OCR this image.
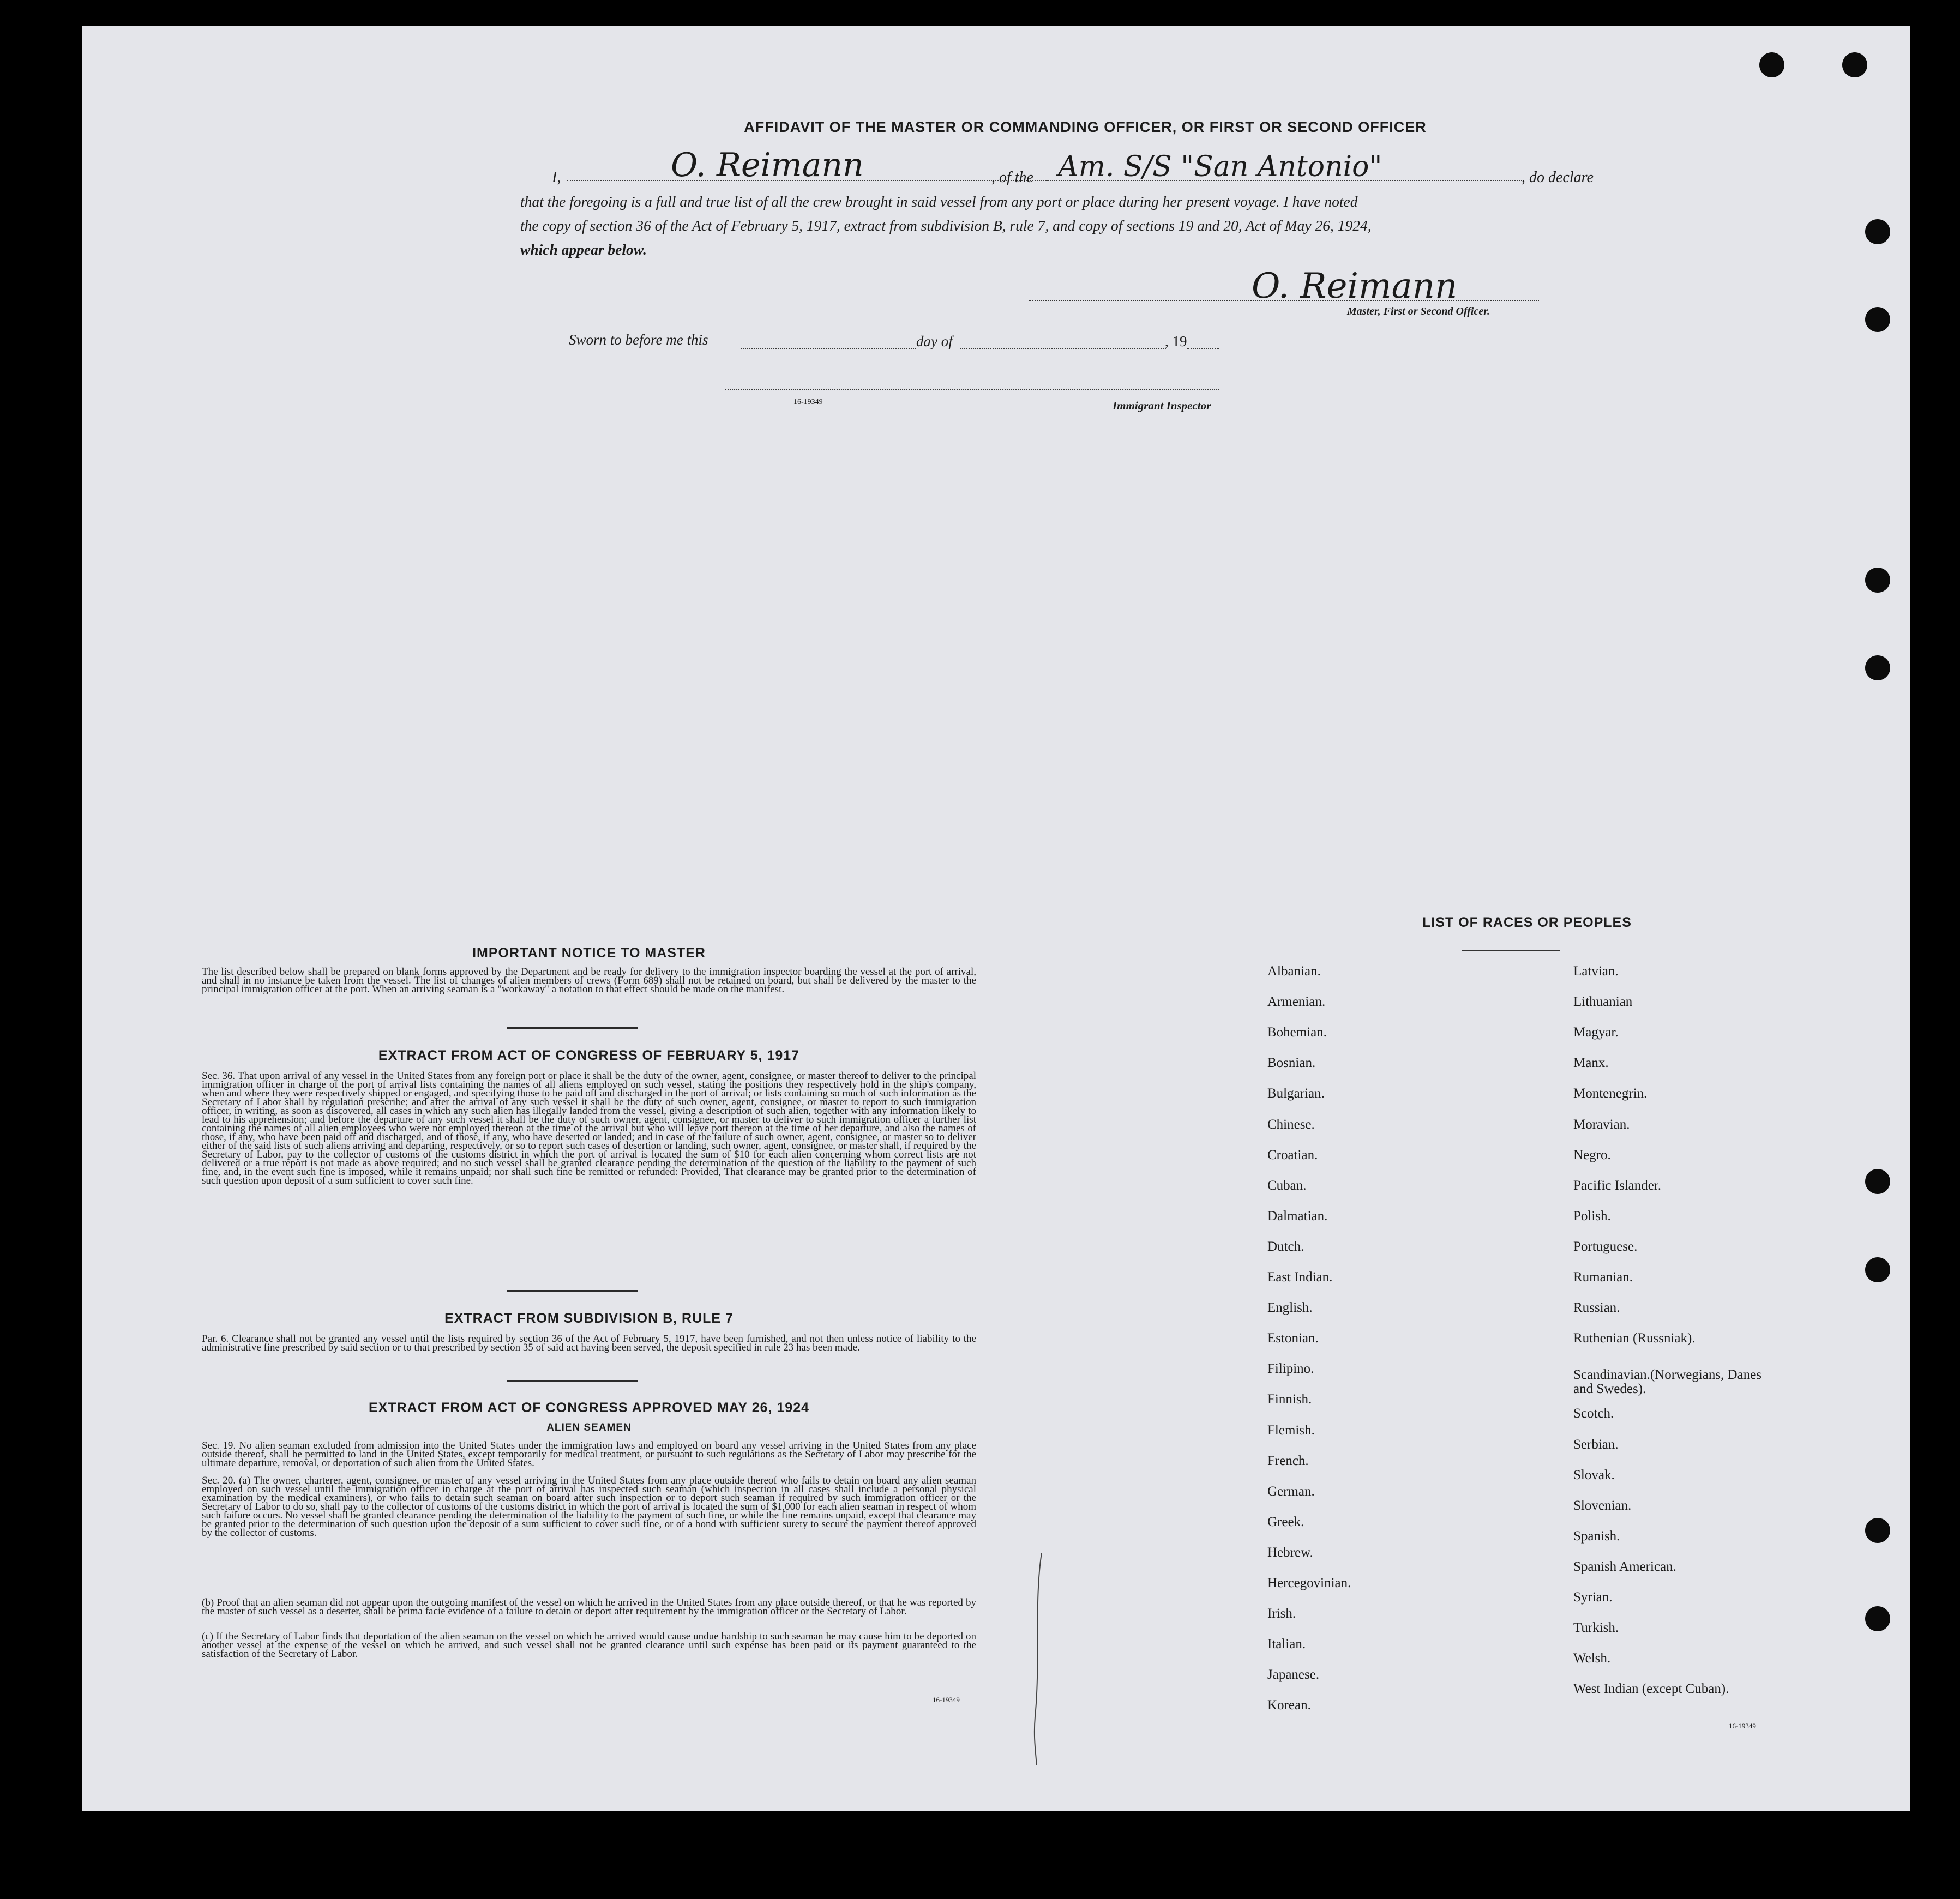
AFFIDAVIT OF THE MASTER OR COMMANDING OFFICER, OR FIRST OR SECOND OFFICER
I,	O. Reimann	, of the Am. S/S "San Antonio"	, do declare
that the foregoing is a full and true list of all the crew brought in said vessel from any port or place during her present voyage. I have noted
the copy of section 36 of the Act of February 5, 1917, extract from subdivision B, rule 7, and copy of sections 19 and 20, Act of May 26, 1924,
which appear below.
O. Reimann
Master, First or Second Officer.
Sworn to before me this	day of	, 19
16-19349	Immigrant Inspector
IMPORTANT NOTICE TO MASTER
The list described below shall be prepared on blank forms approved by the Department and be ready for delivery to the immigration inspector boarding the vessel at the port of arrival, and shall in no instance be taken from the vessel. The list of changes of alien members of crews (Form 689) shall not be retained on board, but shall be delivered by the master to the principal immigration officer at the port. When an arriving seaman is a "workaway" a notation to that effect should be made on the manifest.
EXTRACT FROM ACT OF CONGRESS OF FEBRUARY 5, 1917
Sec. 36. That upon arrival of any vessel in the United States from any foreign port or place it shall be the duty of the owner, agent, consignee, or master thereof to deliver to the principal immigration officer in charge of the port of arrival lists containing the names of all aliens employed on such vessel, stating the positions they respectively hold in the ship's company, when and where they were respectively shipped or engaged, and specifying those to be paid off and discharged in the port of arrival; or lists containing so much of such information as the Secretary of Labor shall by regulation prescribe; and after the arrival of any such vessel it shall be the duty of such owner, agent, consignee, or master to report to such immigration officer, in writing, as soon as discovered, all cases in which any such alien has illegally landed from the vessel, giving a description of such alien, together with any information likely to lead to his apprehension; and before the departure of any such vessel it shall be the duty of such owner, agent, consignee, or master to deliver to such immigration officer a further list containing the names of all alien employees who were not employed thereon at the time of the arrival but who will leave port thereon at the time of her departure, and also the names of those, if any, who have been paid off and discharged, and of those, if any, who have deserted or landed; and in case of the failure of such owner, agent, consignee, or master so to deliver either of the said lists of such aliens arriving and departing, respectively, or so to report such cases of desertion or landing, such owner, agent, consignee, or master shall, if required by the Secretary of Labor, pay to the collector of customs of the customs district in which the port of arrival is located the sum of $10 for each alien concerning whom correct lists are not delivered or a true report is not made as above required; and no such vessel shall be granted clearance pending the determination of the question of the liability to the payment of such fine, and, in the event such fine is imposed, while it remains unpaid; nor shall such fine be remitted or refunded: Provided, That clearance may be granted prior to the determination of such question upon deposit of a sum sufficient to cover such fine.
EXTRACT FROM SUBDIVISION B, RULE 7
Par. 6. Clearance shall not be granted any vessel until the lists required by section 36 of the Act of February 5, 1917, have been furnished, and not then unless notice of liability to the administrative fine prescribed by said section or to that prescribed by section 35 of said act having been served, the deposit specified in rule 23 has been made.
EXTRACT FROM ACT OF CONGRESS APPROVED MAY 26, 1924
ALIEN SEAMEN
Sec. 19. No alien seaman excluded from admission into the United States under the immigration laws and employed on board any vessel arriving in the United States from any place outside thereof, shall be permitted to land in the United States, except temporarily for medical treatment, or pursuant to such regulations as the Secretary of Labor may prescribe for the ultimate departure, removal, or deportation of such alien from the United States.
Sec. 20. (a) The owner, charterer, agent, consignee, or master of any vessel arriving in the United States from any place outside thereof who fails to detain on board any alien seaman employed on such vessel until the immigration officer in charge at the port of arrival has inspected such seaman (which inspection in all cases shall include a personal physical examination by the medical examiners), or who fails to detain such seaman on board after such inspection or to deport such seaman if required by such immigration officer or the Secretary of Labor to do so, shall pay to the collector of customs of the customs district in which the port of arrival is located the sum of $1,000 for each alien seaman in respect of whom such failure occurs. No vessel shall be granted clearance pending the determination of the liability to the payment of such fine, or while the fine remains unpaid, except that clearance may be granted prior to the determination of such question upon the deposit of a sum sufficient to cover such fine, or of a bond with sufficient surety to secure the payment thereof approved by the collector of customs.
(b) Proof that an alien seaman did not appear upon the outgoing manifest of the vessel on which he arrived in the United States from any place outside thereof, or that he was reported by the master of such vessel as a deserter, shall be prima facie evidence of a failure to detain or deport after requirement by the immigration officer or the Secretary of Labor.
(c) If the Secretary of Labor finds that deportation of the alien seaman on the vessel on which he arrived would cause undue hardship to such seaman he may cause him to be deported on another vessel at the expense of the vessel on which he arrived, and such vessel shall not be granted clearance until such expense has been paid or its payment guaranteed to the satisfaction of the Secretary of Labor.
16-19349
LIST OF RACES OR PEOPLES
Albanian.
Armenian.
Bohemian.
Bosnian.
Bulgarian.
Chinese.
Croatian.
Cuban.
Dalmatian.
Dutch.
East Indian.
English.
Estonian.
Filipino.
Finnish.
Flemish.
French.
German.
Greek.
Hebrew.
Hercegovinian.
Irish.
Italian.
Japanese.
Korean.
Latvian.
Lithuanian
Magyar.
Manx.
Montenegrin.
Moravian.
Negro.
Pacific Islander.
Polish.
Portuguese.
Rumanian.
Russian.
Ruthenian (Russniak).
Scandinavian.(Norwegians, Danes and Swedes).
Scotch.
Serbian.
Slovak.
Slovenian.
Spanish.
Spanish American.
Syrian.
Turkish.
Welsh.
West Indian (except Cuban).
16-19349
